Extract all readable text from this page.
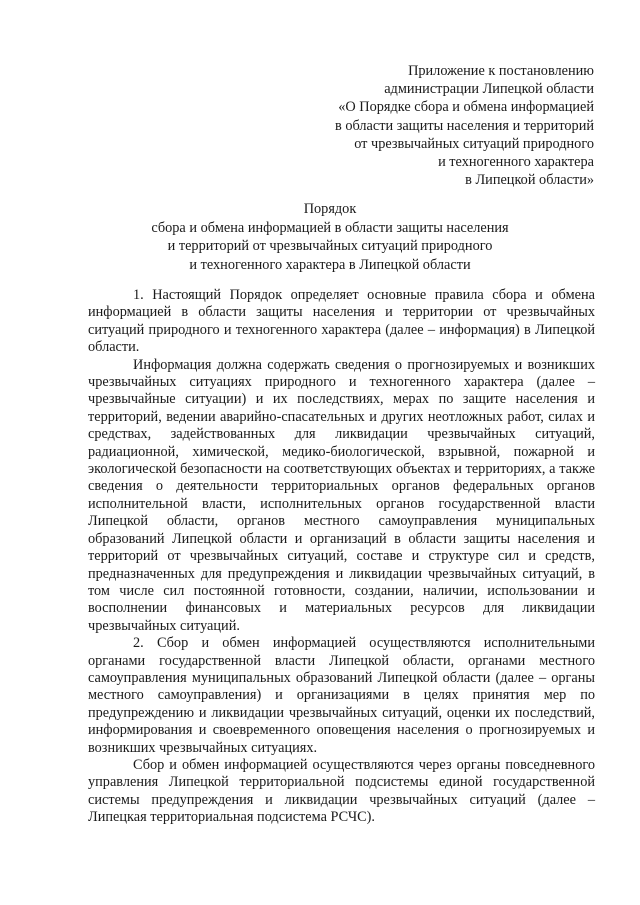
Приложение к постановлению
администрации Липецкой области
«О Порядке сбора и обмена информацией
в области защиты населения и территорий
от чрезвычайных ситуаций природного
и техногенного характера
в Липецкой области»
Порядок
сбора и обмена информацией в области защиты населения
и территорий от чрезвычайных ситуаций природного
и техногенного характера в Липецкой области

1. Настоящий Порядок определяет основные правила сбора и обмена информацией в области защиты населения и территории от чрезвычайных ситуаций природного и техногенного характера (далее – информация) в Липецкой области.

Информация должна содержать сведения о прогнозируемых и возникших чрезвычайных ситуациях природного и техногенного характера (далее – чрезвычайные ситуации) и их последствиях, мерах по защите населения и территорий, ведении аварийно-спасательных и других неотложных работ, силах и средствах, задействованных для ликвидации чрезвычайных ситуаций, радиационной, химической, медико-биологической, взрывной, пожарной и экологической безопасности на соответствующих объектах и территориях, а также сведения о деятельности территориальных органов федеральных органов исполнительной власти, исполнительных органов государственной власти Липецкой области, органов местного самоуправления муниципальных образований Липецкой области и организаций в области защиты населения и территорий от чрезвычайных ситуаций, составе и структуре сил и средств, предназначенных для предупреждения и ликвидации чрезвычайных ситуаций, в том числе сил постоянной готовности, создании, наличии, использовании и восполнении финансовых и материальных ресурсов для ликвидации чрезвычайных ситуаций.

2. Сбор и обмен информацией осуществляются исполнительными органами государственной власти Липецкой области, органами местного самоуправления муниципальных образований Липецкой области (далее – органы местного самоуправления) и организациями в целях принятия мер по предупреждению и ликвидации чрезвычайных ситуаций, оценки их последствий, информирования и своевременного оповещения населения о прогнозируемых и возникших чрезвычайных ситуациях.

Сбор и обмен информацией осуществляются через органы повседневного управления Липецкой территориальной подсистемы единой государственной системы предупреждения и ликвидации чрезвычайных ситуаций (далее – Липецкая территориальная подсистема РСЧС).
